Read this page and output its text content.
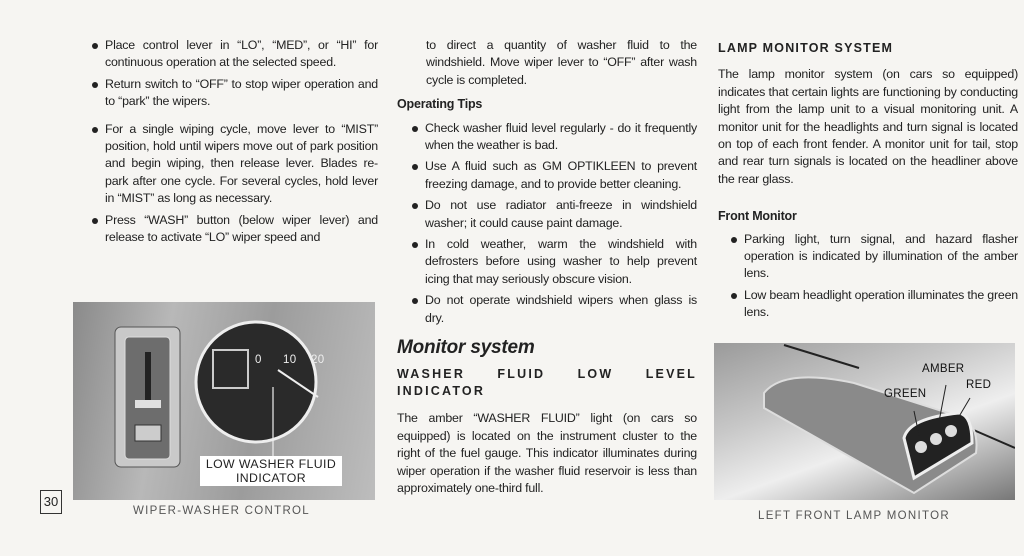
Place control lever in “LO”, “MED”, or “HI” for continuous operation at the selected speed.
Return switch to “OFF” to stop wiper operation and to “park” the wipers.
For a single wiping cycle, move lever to “MIST” position, hold until wipers move out of park position and begin wiping, then release lever. Blades re-park after one cycle. For several cycles, hold lever in “MIST” as long as necessary.
Press “WASH” button (below wiper lever) and release to activate “LO” wiper speed and
0 10 20
LOW WASHER FLUID INDICATOR
30
WIPER-WASHER CONTROL

to direct a quantity of washer fluid to the windshield. Move wiper lever to “OFF” after wash cycle is completed.

Operating Tips
Check washer fluid level regularly - do it frequently when the weather is bad.
Use A fluid such as GM OPTIKLEEN to prevent freezing damage, and to provide better cleaning.
Do not use radiator anti-freeze in windshield washer; it could cause paint damage.
In cold weather, warm the windshield with defrosters before using washer to help prevent icing that may seriously obscure vision.
Do not operate windshield wipers when glass is dry.

Monitor system

WASHER FLUID LOW LEVEL INDICATOR

The amber “WASHER FLUID” light (on cars so equipped) is located on the instrument cluster to the right of the fuel gauge. This indicator illuminates during wiper operation if the washer fluid reservoir is less than approximately one-third full.

LAMP MONITOR SYSTEM

The lamp monitor system (on cars so equipped) indicates that certain lights are functioning by conducting light from the lamp unit to a visual monitoring unit. A monitor unit for the headlights and turn signal is located on top of each front fender. A monitor unit for tail, stop and rear turn signals is located on the headliner above the rear glass.

Front Monitor
Parking light, turn signal, and hazard flasher operation is indicated by illumination of the amber lens.
Low beam headlight operation illuminates the green lens.
GREEN
AMBER
RED
LEFT FRONT LAMP MONITOR
